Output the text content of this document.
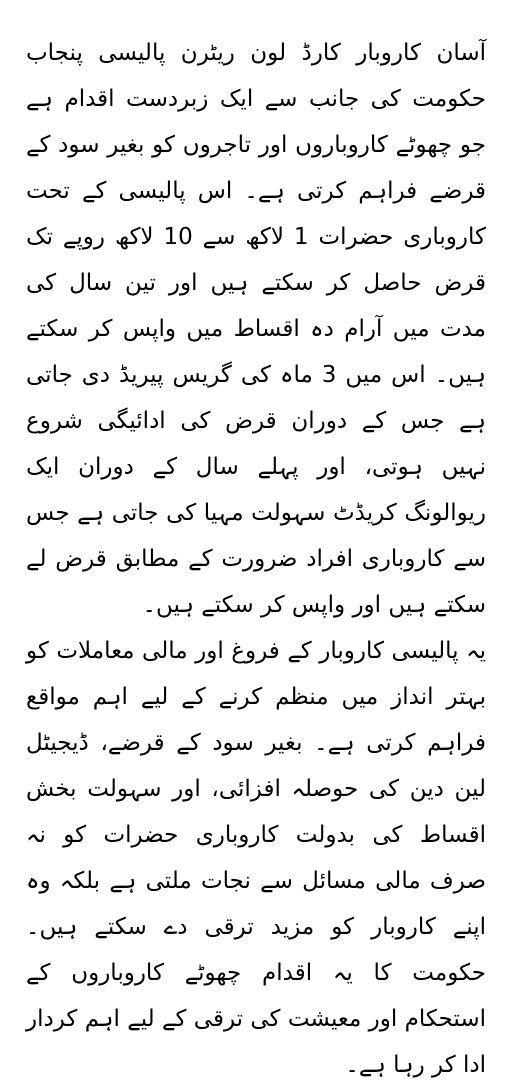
آسان کاروبار کارڈ لون ریٹرن پالیسی پنجاب حکومت کی جانب سے ایک زبردست اقدام ہے جو چھوٹے کاروباروں اور تاجروں کو بغیر سود کے قرضے فراہم کرتی ہے۔ اس پالیسی کے تحت کاروباری حضرات 1 لاکھ سے 10 لاکھ روپے تک قرض حاصل کر سکتے ہیں اور تین سال کی مدت میں آرام دہ اقساط میں واپس کر سکتے ہیں۔ اس میں 3 ماہ کی گریس پیریڈ دی جاتی ہے جس کے دوران قرض کی ادائیگی شروع نہیں ہوتی، اور پہلے سال کے دوران ایک ریوالونگ کریڈٹ سہولت مہیا کی جاتی ہے جس سے کاروباری افراد ضرورت کے مطابق قرض لے سکتے ہیں اور واپس کر سکتے ہیں۔

یہ پالیسی کاروبار کے فروغ اور مالی معاملات کو بہتر انداز میں منظم کرنے کے لیے اہم مواقع فراہم کرتی ہے۔ بغیر سود کے قرضے، ڈیجیٹل لین دین کی حوصلہ افزائی، اور سہولت بخش اقساط کی بدولت کاروباری حضرات کو نہ صرف مالی مسائل سے نجات ملتی ہے بلکہ وہ اپنے کاروبار کو مزید ترقی دے سکتے ہیں۔ حکومت کا یہ اقدام چھوٹے کاروباروں کے استحکام اور معیشت کی ترقی کے لیے اہم کردار ادا کر رہا ہے۔
